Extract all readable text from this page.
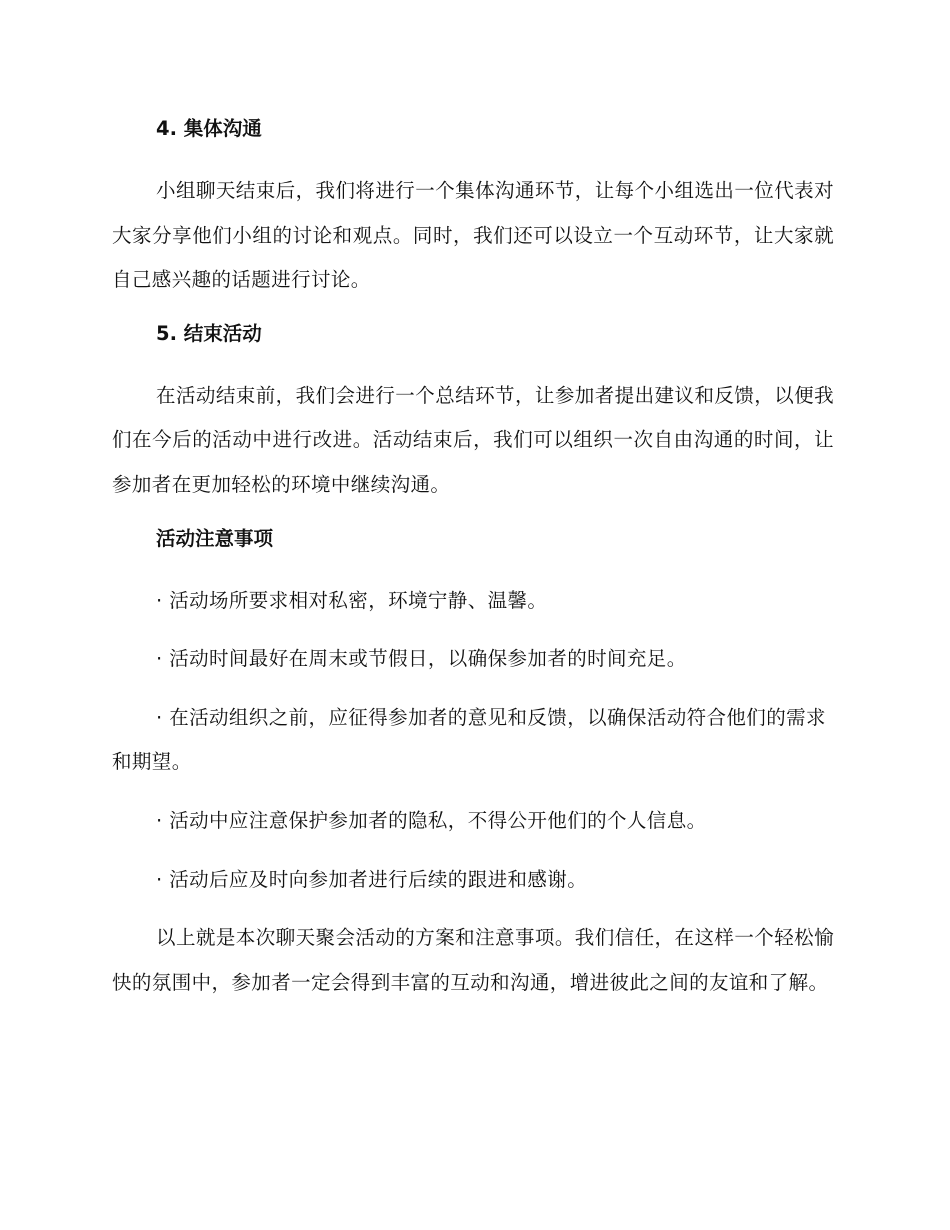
4. 集体沟通

小组聊天结束后，我们将进行一个集体沟通环节，让每个小组选出一位代表对大家分享他们小组的讨论和观点。同时，我们还可以设立一个互动环节，让大家就自己感兴趣的话题进行讨论。

5. 结束活动

在活动结束前，我们会进行一个总结环节，让参加者提出建议和反馈，以便我们在今后的活动中进行改进。活动结束后，我们可以组织一次自由沟通的时间，让参加者在更加轻松的环境中继续沟通。

活动注意事项

· 活动场所要求相对私密，环境宁静、温馨。

· 活动时间最好在周末或节假日，以确保参加者的时间充足。

· 在活动组织之前，应征得参加者的意见和反馈，以确保活动符合他们的需求和期望。

· 活动中应注意保护参加者的隐私，不得公开他们的个人信息。

· 活动后应及时向参加者进行后续的跟进和感谢。

以上就是本次聊天聚会活动的方案和注意事项。我们信任，在这样一个轻松愉快的氛围中，参加者一定会得到丰富的互动和沟通，增进彼此之间的友谊和了解。
